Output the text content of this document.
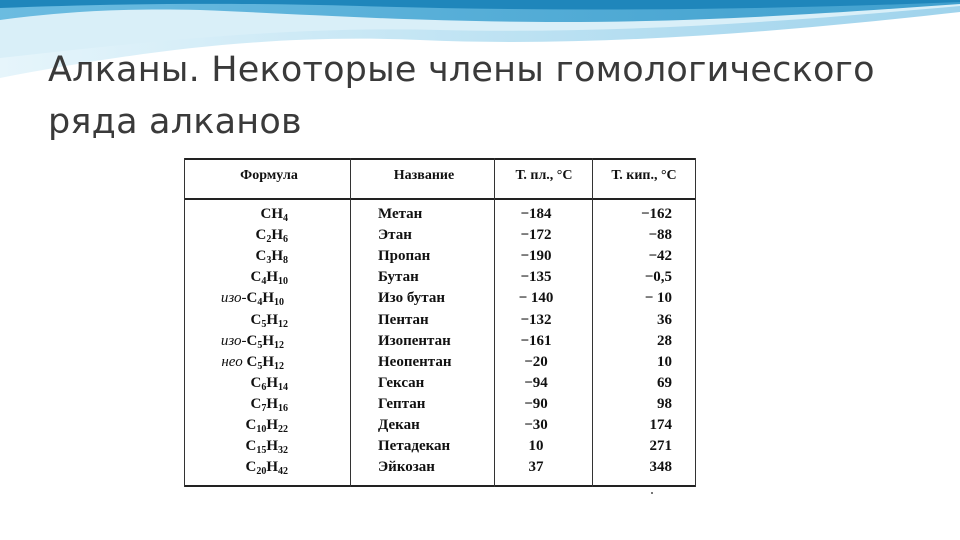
Алканы. Некоторые члены гомологического ряда алканов
Формула	Название	Т. пл., °С	Т. кип., °С
$CH_4$	Метан	−184	−162
$C_2H_6$	Этан	−172	−88
$C_3H_8$	Пропан	−190	−42
$C_4H_{10}$	Бутан	−135	−0,5
изо-$C_4H_{10}$	Изо бутан	− 140	− 10
$C_5H_{12}$	Пентан	−132	36
изо-$C_5H_{12}$	Изопентан	−161	28
нео $C_5H_{12}$	Неопентан	−20	10
$C_6H_{14}$	Гексан	−94	69
$C_7H_{16}$	Гептан	−90	98
$C_{10}H_{22}$	Декан	−30	174
$C_{15}H_{32}$	Петадекан	10	271
$C_{20}H_{42}$	Эйкозан	37	348
